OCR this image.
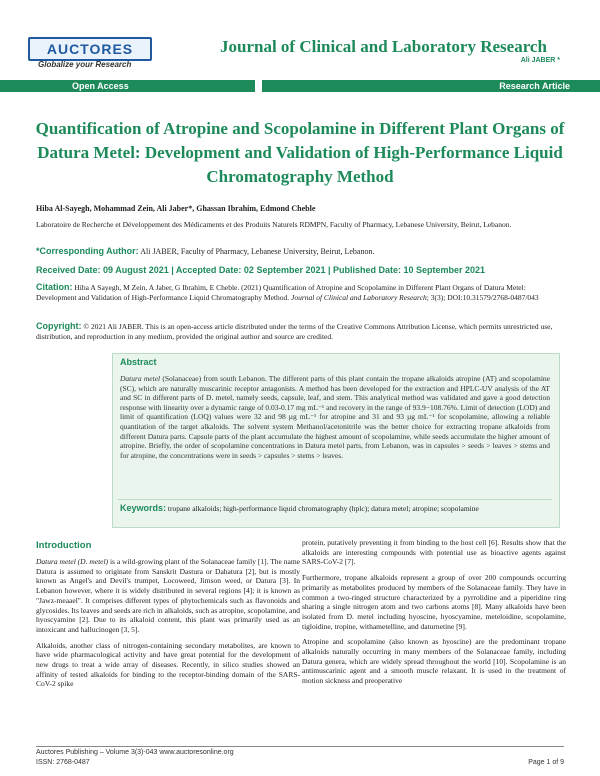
AUCTORES
Globalize your Research
Journal of Clinical and Laboratory Research
Ali JABER *
Open Access	Research Article
Quantification of Atropine and Scopolamine in Different Plant Organs of Datura Metel: Development and Validation of High-Performance Liquid Chromatography Method
Hiba Al-Sayegh, Mohammad Zein, Ali Jaber*, Ghassan Ibrahim, Edmond Cheble
Laboratoire de Recherche et Développement des Médicaments et des Produits Naturels RDMPN, Faculty of Pharmacy, Lebanese University, Beirut, Lebanon.
*Corresponding Author: Ali JABER, Faculty of Pharmacy, Lebanese University, Beirut, Lebanon.
Received Date: 09 August 2021 | Accepted Date: 02 September 2021 | Published Date: 10 September 2021
Citation: Hiba A Sayegh, M Zein, A Jaber, G Ibrahim, E Cheble. (2021) Quantification of Atropine and Scopolamine in Different Plant Organs of Datura Metel: Development and Validation of High-Performance Liquid Chromatography Method. Journal of Clinical and Laboratory Research; 3(3); DOI:10.31579/2768-0487/043
Copyright: © 2021 Ali JABER. This is an open-access article distributed under the terms of the Creative Commons Attribution License, which permits unrestricted use, distribution, and reproduction in any medium, provided the original author and source are credited.
Abstract
Datura metel (Solanaceae) from south Lebanon. The different parts of this plant contain the tropane alkaloids atropine (AT) and scopolamine (SC), which are naturally muscarinic receptor antagonists. A method has been developed for the extraction and HPLC-UV analysis of the AT and SC in different parts of D. metel, namely seeds, capsule, leaf, and stem. This analytical method was validated and gave a good detection response with linearity over a dynamic range of 0.03-0.17 mg mL⁻¹ and recovery in the range of 93.9−108.76%. Limit of detection (LOD) and limit of quantification (LOQ) values were 32 and 98 µg mL⁻¹ for atropine and 31 and 93 µg mL⁻¹ for scopolamine, allowing a reliable quantitation of the target alkaloids. The solvent system Methanol/acetonitrile was the better choice for extracting tropane alkaloids from different Datura parts. Capsule parts of the plant accumulate the highest amount of scopolamine, while seeds accumulate the higher amount of atropine. Briefly, the order of scopolamine concentrations in Datura metel parts, from Lebanon, was in capsules > seeds > leaves > stems and for atropine, the concentrations were in seeds > capsules > stems > leaves.
Keywords: tropane alkaloids; high-performance liquid chromatography (hplc); datura metel; atropine; scopolamine
Introduction

Datura metel (D. metel) is a wild-growing plant of the Solanaceae family [1]. The name Datura is assumed to originate from Sanskrit Dastura or Dahatura [2], but is mostly known as Angel's and Devil's trumpet, Locoweed, Jimson weed, or Datura [3]. In Lebanon however, where it is widely distributed in several regions [4]; it is known as "Jawz-meaael". It comprises different types of phytochemicals such as flavonoids and glycosides. Its leaves and seeds are rich in alkaloids, such as atropine, scopolamine, and hyoscyamine [2]. Due to its alkaloid content, this plant was primarily used as an intoxicant and hallucinogen [3, 5].

Alkaloids, another class of nitrogen-containing secondary metabolites, are known to have wide pharmacological activity and have great potential for the development of new drugs to treat a wide array of diseases. Recently, in silico studies showed an affinity of tested alkaloids for binding to the receptor-binding domain of the SARS-CoV-2 spike

protein, putatively preventing it from binding to the host cell [6]. Results show that the alkaloids are interesting compounds with potential use as bioactive agents against SARS-CoV-2 [7].

Furthermore, tropane alkaloids represent a group of over 200 compounds occurring primarily as metabolites produced by members of the Solanaceae family. They have in common a two-ringed structure characterized by a pyrrolidine and a piperidine ring sharing a single nitrogen atom and two carbons atoms [8]. Many alkaloids have been isolated from D. metel including hyoscine, hyoscyamine, meteloidine, scopolamine, tigloidine, tropine, withametelline, and daturnetine [9].

Atropine and scopolamine (also known as hyoscine) are the predominant tropane alkaloids naturally occurring in many members of the Solanaceae family, including Datura genera, which are widely spread throughout the world [10]. Scopolamine is an antimuscarinic agent and a smooth muscle relaxant. It is used in the treatment of motion sickness and preoperative

Auctores Publishing – Volume 3(3)-043 www.auctoresonline.org
ISSN: 2768-0487	Page 1 of 9
